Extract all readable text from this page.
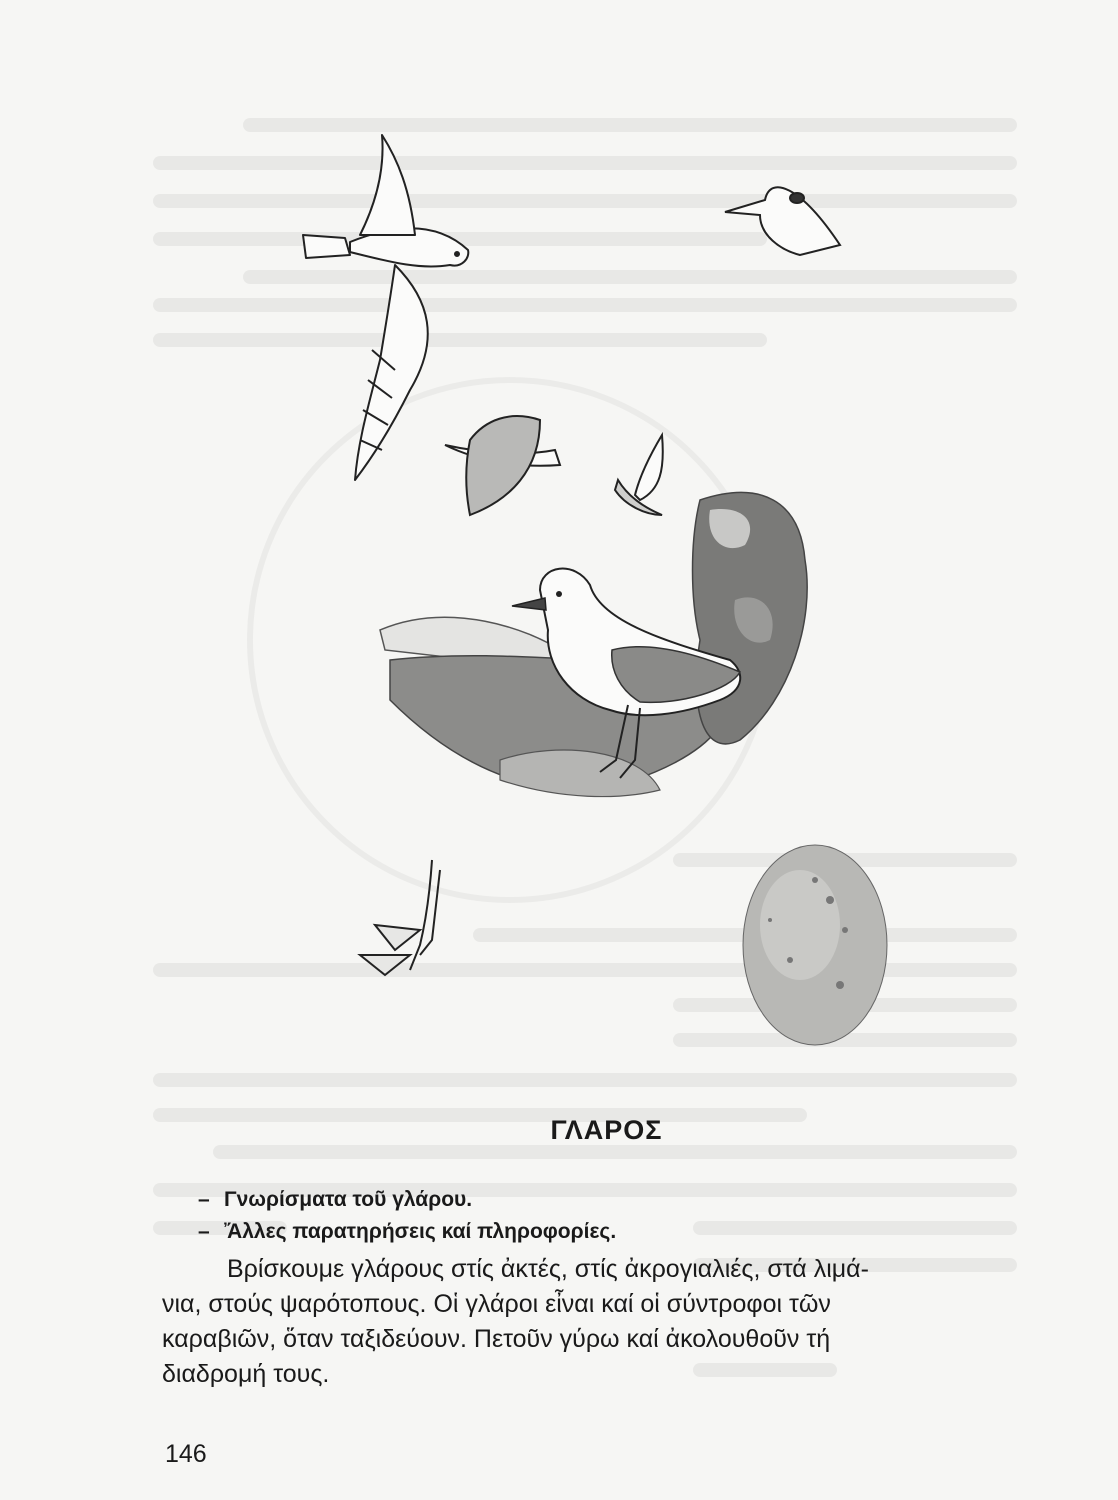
ΓΛΑΡΟΣ
– Γνωρίσματα τοῦ γλάρου.
– Ἄλλες παρατηρήσεις καί πληροφορίες.
Βρίσκουμε γλάρους στίς ἀκτές, στίς ἀκρογιαλιές, στά λιμά-
νια, στούς ψαρότοπους. Οἱ γλάροι εἶναι καί οἱ σύντροφοι τῶν
καραβιῶν, ὅταν ταξιδεύουν. Πετοῦν γύρω καί ἀκολουθοῦν τή
διαδρομή τους.
146
